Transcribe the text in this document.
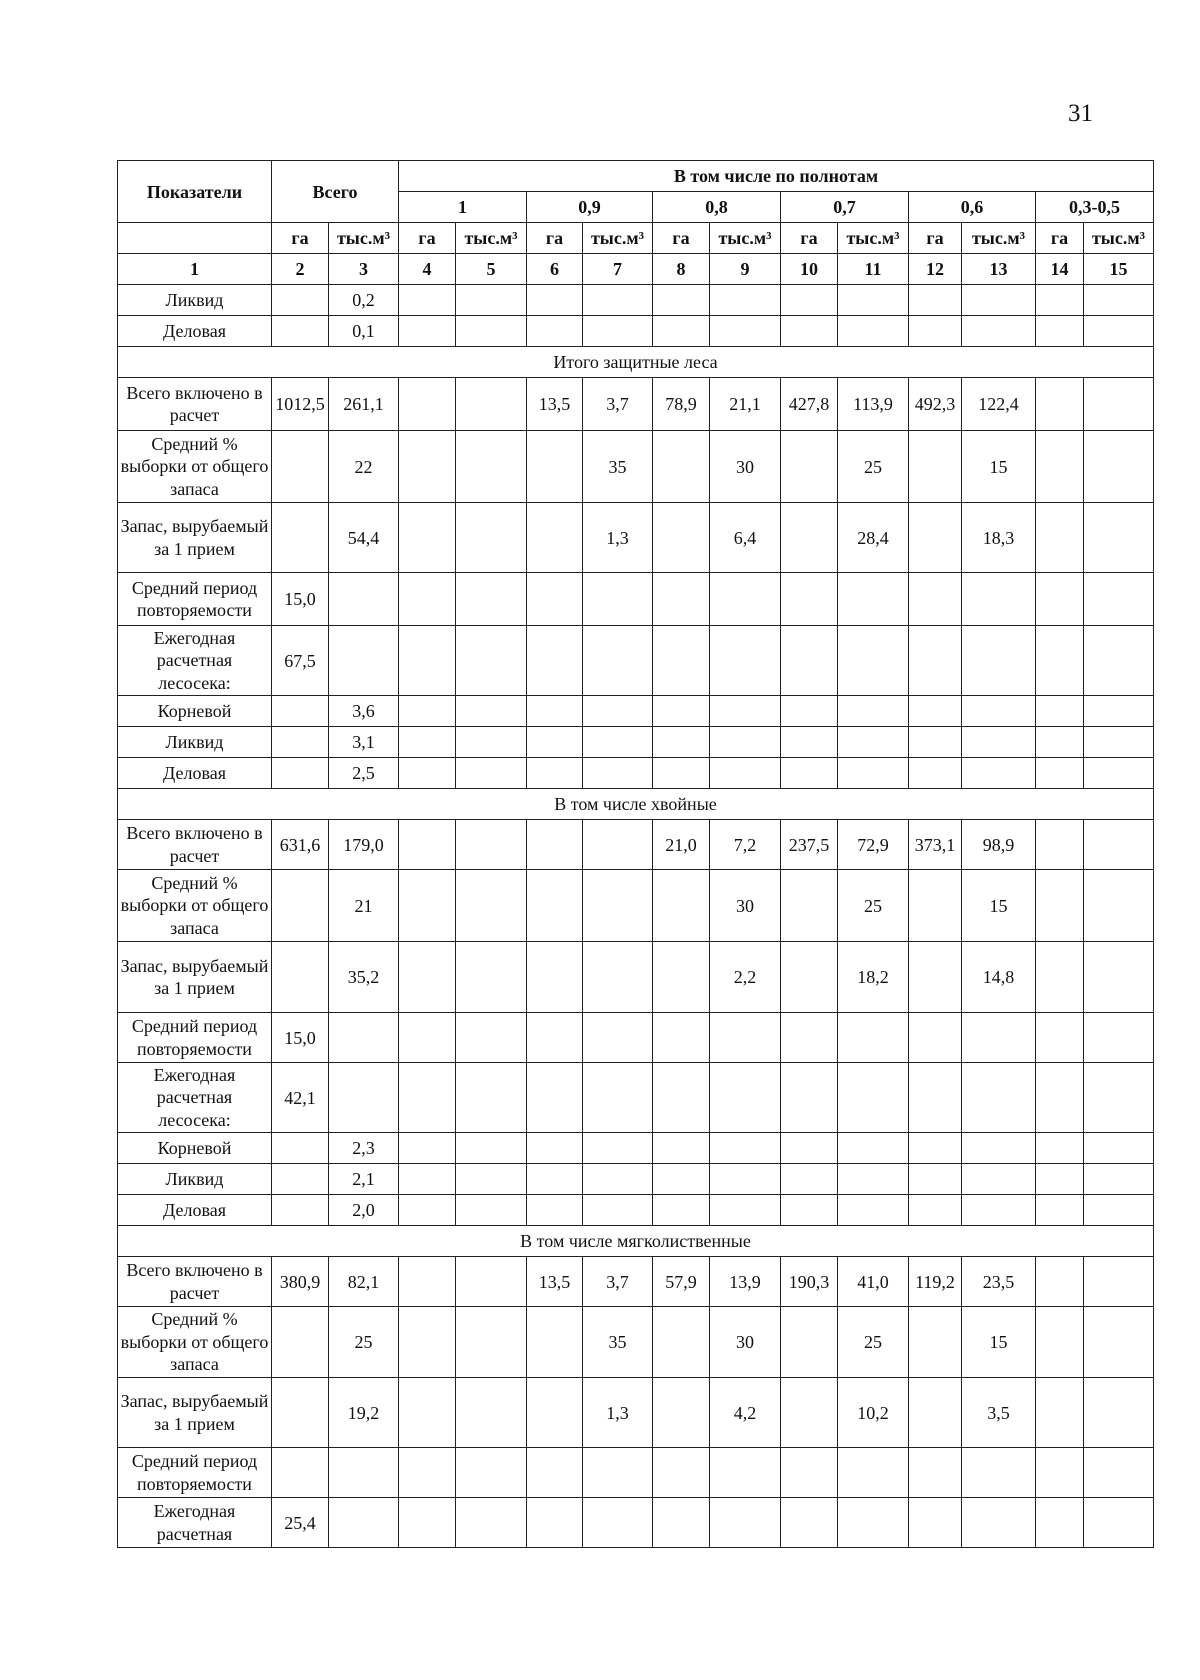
31
Показатели	Всего		В том числе по полнотам											
			1		0,9		0,8		0,7		0,6		0,3-0,5	
	га	тыс.м³	га	тыс.м³	га	тыс.м³	га	тыс.м³	га	тыс.м³	га	тыс.м³	га	тыс.м³
1	2	3	4	5	6	7	8	9	10	11	12	13	14	15
Ликвид		0,2												
Деловая		0,1												
Итого защитные леса														
Всего включено в расчет	1012,5	261,1			13,5	3,7	78,9	21,1	427,8	113,9	492,3	122,4		
Средний % выборки от общего запаса		22				35		30		25		15		
Запас, вырубаемый за 1 прием		54,4				1,3		6,4		28,4		18,3		
Средний период повторяемости	15,0													
Ежегодная расчетная лесосека:	67,5													
Корневой		3,6												
Ликвид		3,1												
Деловая		2,5												
В том числе хвойные														
Всего включено в расчет	631,6	179,0					21,0	7,2	237,5	72,9	373,1	98,9		
Средний % выборки от общего запаса		21						30		25		15		
Запас, вырубаемый за 1 прием		35,2						2,2		18,2		14,8		
Средний период повторяемости	15,0													
Ежегодная расчетная лесосека:	42,1													
Корневой		2,3												
Ликвид		2,1												
Деловая		2,0												
В том числе мягколиственные														
Всего включено в расчет	380,9	82,1			13,5	3,7	57,9	13,9	190,3	41,0	119,2	23,5		
Средний % выборки от общего запаса		25				35		30		25		15		
Запас, вырубаемый за 1 прием		19,2				1,3		4,2		10,2		3,5		
Средний период повторяемости														
Ежегодная расчетная	25,4													
